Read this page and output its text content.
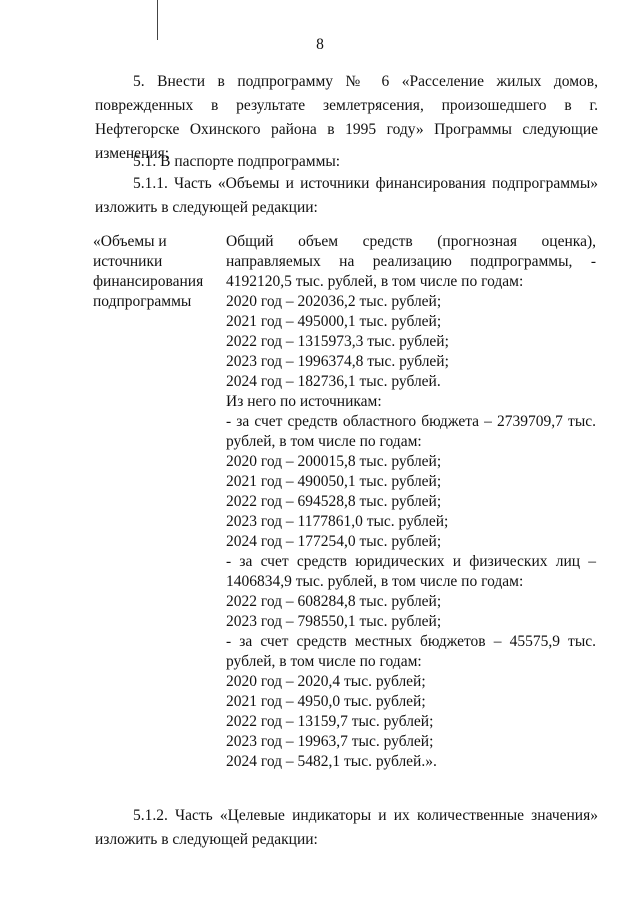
8
5. Внести в подпрограмму № 6 «Расселение жилых домов, поврежденных в результате землетрясения, произошедшего в г. Нефтегорске Охинского района в 1995 году» Программы следующие изменения:
5.1. В паспорте подпрограммы:
5.1.1. Часть «Объемы и источники финансирования подпрограммы» изложить в следующей редакции:
«Объемы и
источники
финансирования
подпрограммы
Общий объем средств (прогнозная оценка), направляемых на реализацию подпрограммы, - 4192120,5 тыс. рублей, в том числе по годам:
2020 год – 202036,2 тыс. рублей;
2021 год – 495000,1 тыс. рублей;
2022 год – 1315973,3 тыс. рублей;
2023 год – 1996374,8 тыс. рублей;
2024 год – 182736,1 тыс. рублей.
Из него по источникам:
- за счет средств областного бюджета – 2739709,7 тыс. рублей, в том числе по годам:
2020 год – 200015,8 тыс. рублей;
2021 год – 490050,1 тыс. рублей;
2022 год – 694528,8 тыс. рублей;
2023 год – 1177861,0 тыс. рублей;
2024 год – 177254,0 тыс. рублей;
- за счет средств юридических и физических лиц – 1406834,9 тыс. рублей, в том числе по годам:
2022 год – 608284,8 тыс. рублей;
2023 год – 798550,1 тыс. рублей;
- за счет средств местных бюджетов – 45575,9 тыс. рублей, в том числе по годам:
2020 год – 2020,4 тыс. рублей;
2021 год – 4950,0 тыс. рублей;
2022 год – 13159,7 тыс. рублей;
2023 год – 19963,7 тыс. рублей;
2024 год – 5482,1 тыс. рублей.».
5.1.2. Часть «Целевые индикаторы и их количественные значения» изложить в следующей редакции:
